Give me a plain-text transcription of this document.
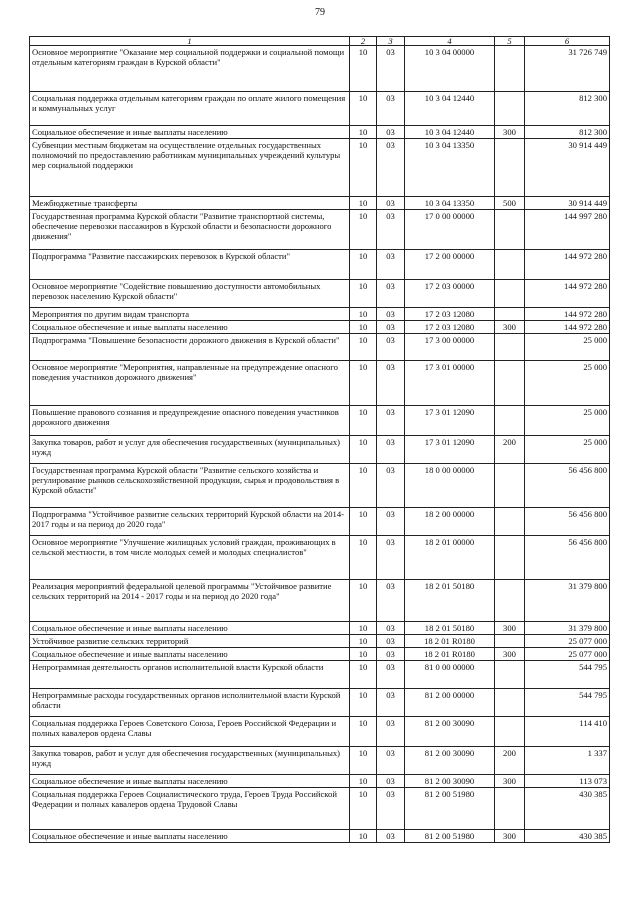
79
1	2	3	4	5	6
Основное мероприятие "Оказание мер социальной поддержки и социальной помощи отдельным категориям граждан в Курской области"	10	03	10 3 04 00000		31 726 749
Социальная поддержка отдельным категориям граждан по оплате жилого помещения и коммунальных услуг	10	03	10 3 04 12440		812 300
Социальное обеспечение и иные выплаты населению	10	03	10 3 04 12440	300	812 300
Субвенции местным бюджетам на осуществление отдельных государственных полномочий по предоставлению работникам муниципальных учреждений культуры мер социальной поддержки	10	03	10 3 04 13350		30 914 449
Межбюджетные трансферты	10	03	10 3 04 13350	500	30 914 449
Государственная программа Курской области "Развитие транспортной системы, обеспечение перевозки пассажиров в Курской области и безопасности дорожного движения"	10	03	17 0 00 00000		144 997 280
Подпрограмма "Развитие пассажирских перевозок в Курской области"	10	03	17 2 00 00000		144 972 280
Основное мероприятие "Содействие повышению доступности автомобильных перевозок населению Курской области"	10	03	17 2 03 00000		144 972 280
Мероприятия по другим видам транспорта	10	03	17 2 03 12080		144 972 280
Социальное обеспечение и иные выплаты населению	10	03	17 2 03 12080	300	144 972 280
Подпрограмма "Повышение безопасности дорожного движения в Курской области"	10	03	17 3 00 00000		25 000
Основное мероприятие "Мероприятия, направленные на предупреждение опасного поведения участников дорожного движения"	10	03	17 3 01 00000		25 000
Повышение правового сознания и предупреждение опасного поведения участников дорожного движения	10	03	17 3 01 12090		25 000
Закупка товаров, работ и услуг для обеспечения государственных (муниципальных) нужд	10	03	17 3 01 12090	200	25 000
Государственная программа Курской области "Развитие сельского хозяйства и регулирование рынков сельскохозяйственной продукции, сырья и продовольствия в Курской области"	10	03	18 0 00 00000		56 456 800
Подпрограмма "Устойчивое развитие сельских территорий Курской области на 2014-2017 годы и на период до 2020 года"	10	03	18 2 00 00000		56 456 800
Основное мероприятие "Улучшение жилищных условий граждан, проживающих в сельской местности, в том числе молодых семей и молодых специалистов"	10	03	18 2 01 00000		56 456 800
Реализация мероприятий федеральной целевой программы "Устойчивое развитие сельских территорий на 2014 - 2017 годы и на период до 2020 года"	10	03	18 2 01 50180		31 379 800
Социальное обеспечение и иные выплаты населению	10	03	18 2 01 50180	300	31 379 800
Устойчивое развитие сельских территорий	10	03	18 2 01 R0180		25 077 000
Социальное обеспечение и иные выплаты населению	10	03	18 2 01 R0180	300	25 077 000
Непрограммная деятельность органов исполнительной власти Курской области	10	03	81 0 00 00000		544 795
Непрограммные расходы государственных органов исполнительной власти Курской области	10	03	81 2 00 00000		544 795
Социальная поддержка Героев Советского Союза, Героев Российской Федерации и полных кавалеров ордена Славы	10	03	81 2 00 30090		114 410
Закупка товаров, работ и услуг для обеспечения государственных (муниципальных) нужд	10	03	81 2 00 30090	200	1 337
Социальное обеспечение и иные выплаты населению	10	03	81 2 00 30090	300	113 073
Социальная поддержка Героев Социалистического труда, Героев Труда Российской Федерации и полных кавалеров ордена Трудовой Славы	10	03	81 2 00 51980		430 385
Социальное обеспечение и иные выплаты населению	10	03	81 2 00 51980	300	430 385
